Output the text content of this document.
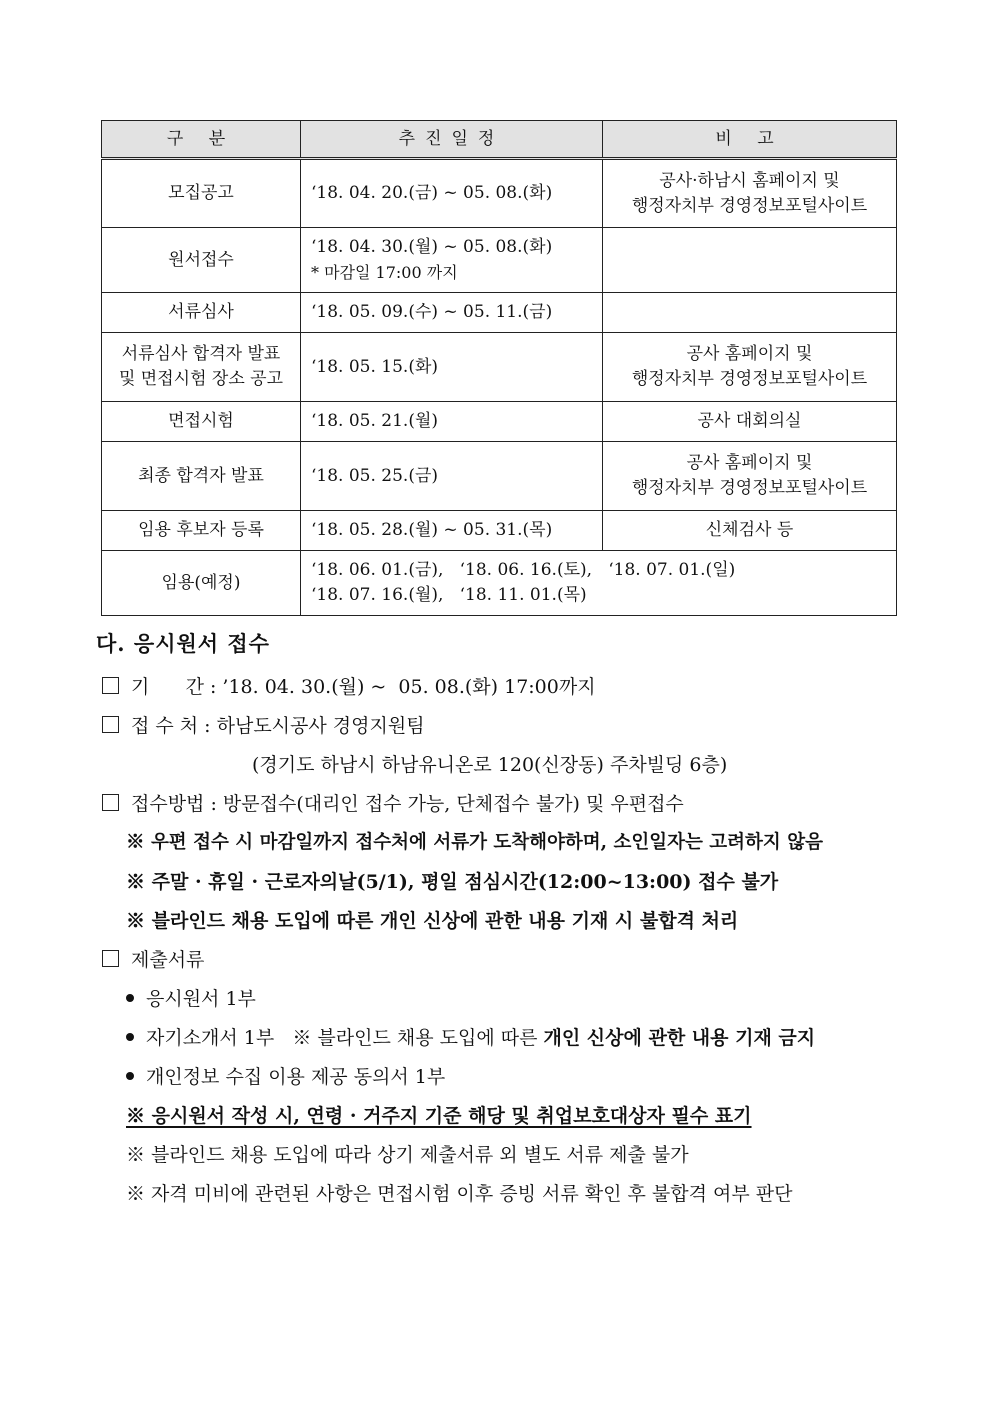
구 분	추진일정	비 고
모집공고	‘18. 04. 20.(금) ~ 05. 08.(화)	공사·하남시 홈페이지 및
행정자치부 경영정보포털사이트

원서접수	‘18. 04. 30.(월) ~ 05. 08.(화)
* 마감일 17:00 까지	

서류심사	‘18. 05. 09.(수) ~ 05. 11.(금)	

서류심사 합격자 발표
및 면접시험 장소 공고	‘18. 05. 15.(화)	공사 홈페이지 및
행정자치부 경영정보포털사이트

면접시험	‘18. 05. 21.(월)	공사 대회의실

최종 합격자 발표	‘18. 05. 25.(금)	공사 홈페이지 및
행정자치부 경영정보포털사이트

임용 후보자 등록	‘18. 05. 28.(월) ~ 05. 31.(목)	신체검사 등

임용(예정)	‘18. 06. 01.(금),   ‘18. 06. 16.(토),   ‘18. 07. 01.(일)
‘18. 07. 16.(월),   ‘18. 11. 01.(목)	
다. 응시원서 접수
기      간 : ’18. 04. 30.(월) ~  05. 08.(화) 17:00까지
접 수 처 : 하남도시공사 경영지원팀
(경기도 하남시 하남유니온로 120(신장동) 주차빌딩 6층)
접수방법 : 방문접수(대리인 접수 가능, 단체접수 불가) 및 우편접수
※ 우편 접수 시 마감일까지 접수처에 서류가 도착해야하며, 소인일자는 고려하지 않음
※ 주말 · 휴일 · 근로자의날(5/1), 평일 점심시간(12:00~13:00) 접수 불가
※ 블라인드 채용 도입에 따른 개인 신상에 관한 내용 기재 시 불합격 처리
제출서류
응시원서 1부
자기소개서 1부   ※ 블라인드 채용 도입에 따른 개인 신상에 관한 내용 기재 금지
개인정보 수집 이용 제공 동의서 1부
※ 응시원서 작성 시, 연령 · 거주지 기준 해당 및 취업보호대상자 필수 표기
※ 블라인드 채용 도입에 따라 상기 제출서류 외 별도 서류 제출 불가
※ 자격 미비에 관련된 사항은 면접시험 이후 증빙 서류 확인 후 불합격 여부 판단
